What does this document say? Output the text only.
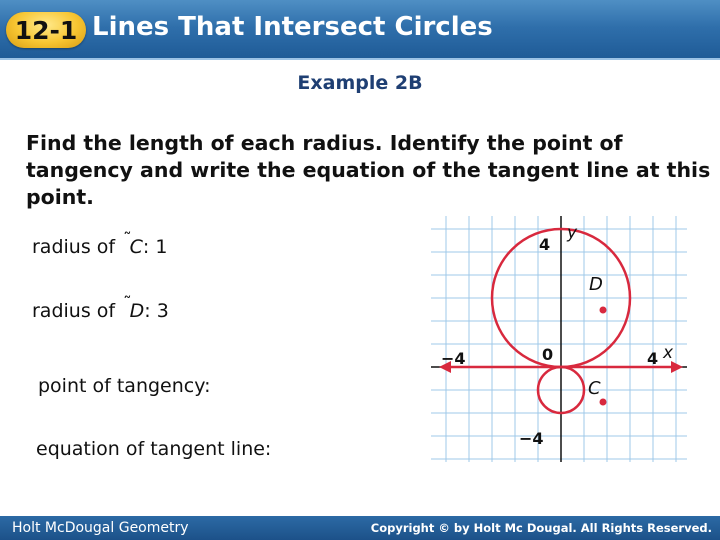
12-1 Lines That Intersect Circles
Example 2B
Find the length of each radius. Identify the point of tangency and write the equation of the tangent line at this point.
radius of ˜C: 1
radius of ˜D: 3
point of tangency:
equation of tangent line:
y
x
4
0
−4	4
−4
D
C
Holt McDougal Geometry	Copyright © by Holt Mc Dougal. All Rights Reserved.
